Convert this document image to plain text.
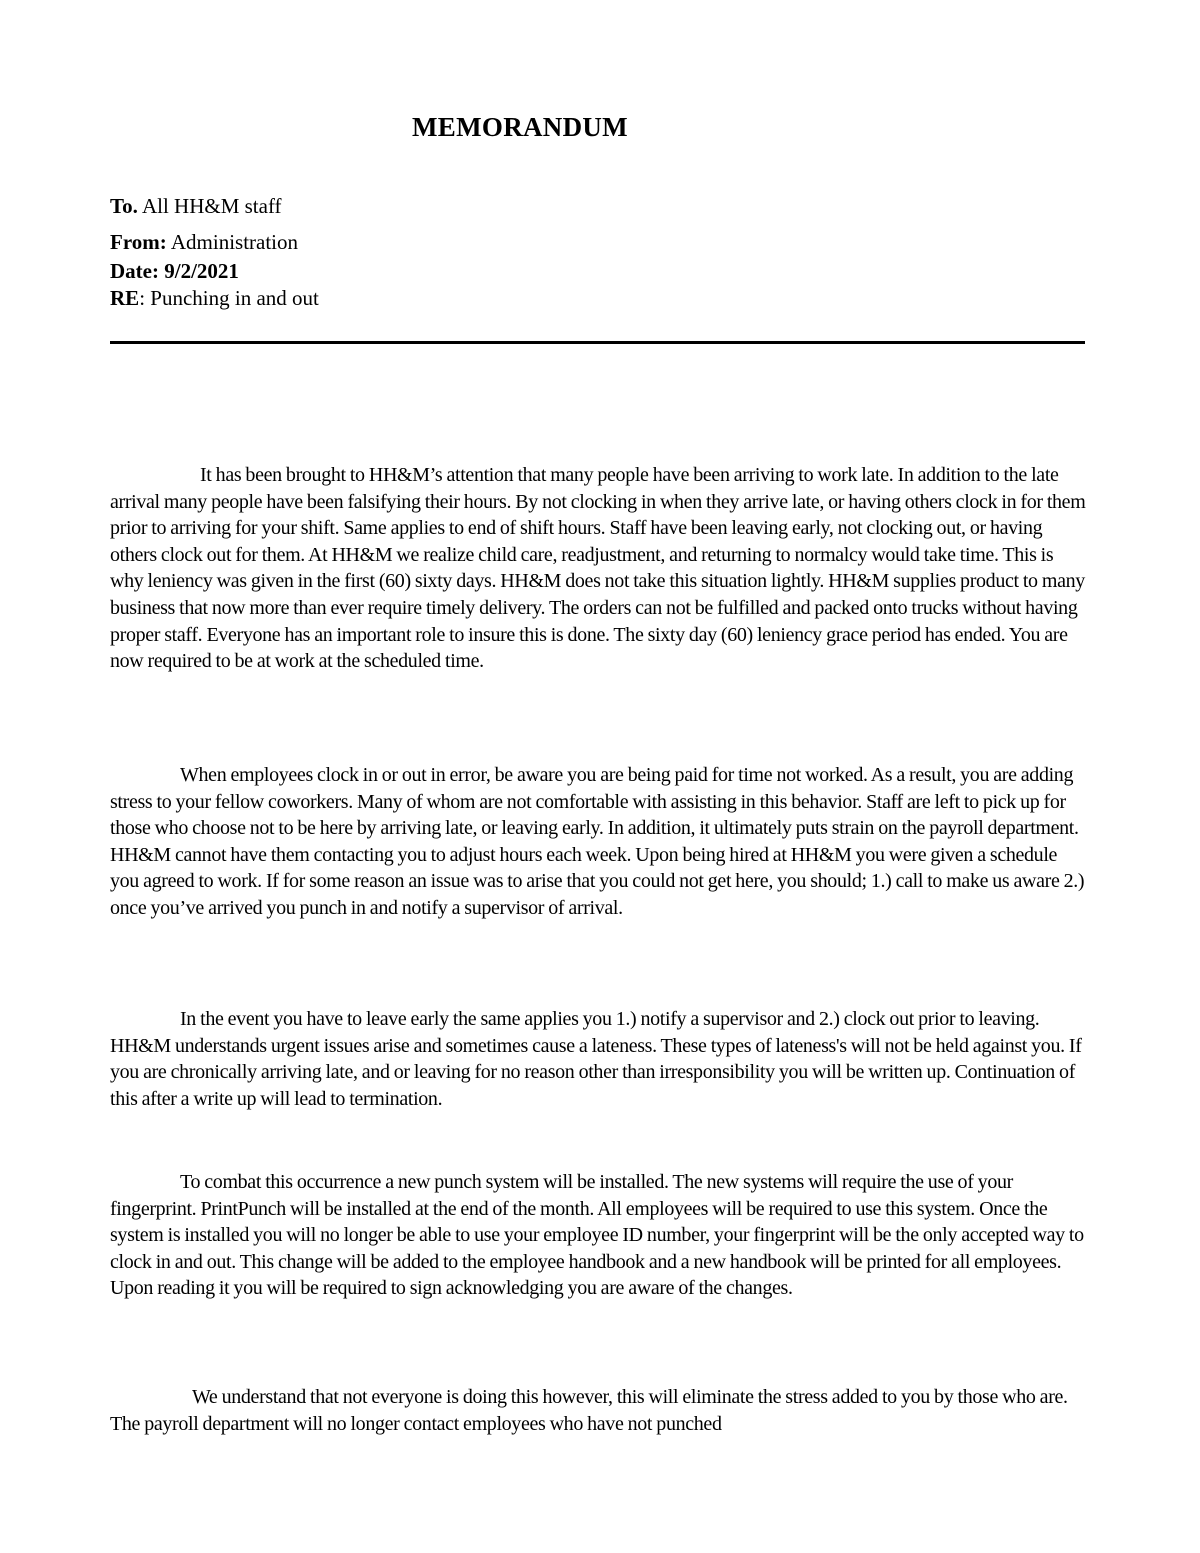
MEMORANDUM
To. All HH&M staff
From: Administration
Date: 9/2/2021
RE: Punching in and out

It has been brought to HH&M’s attention that many people have been arriving to work late. In addition to the late arrival many people have been falsifying their hours. By not clocking in when they arrive late, or having others clock in for them prior to arriving for your shift. Same applies to end of shift hours. Staff have been leaving early, not clocking out, or having others clock out for them. At HH&M we realize child care, readjustment, and returning to normalcy would take time. This is why leniency was given in the first (60) sixty days. HH&M does not take this situation lightly. HH&M supplies product to many business that now more than ever require timely delivery. The orders can not be fulfilled and packed onto trucks without having proper staff. Everyone has an important role to insure this is done. The sixty day (60) leniency grace period has ended. You are now required to be at work at the scheduled time.

When employees clock in or out in error, be aware you are being paid for time not worked. As a result, you are adding stress to your fellow coworkers. Many of whom are not comfortable with assisting in this behavior. Staff are left to pick up for those who choose not to be here by arriving late, or leaving early. In addition, it ultimately puts strain on the payroll department. HH&M cannot have them contacting you to adjust hours each week. Upon being hired at HH&M you were given a schedule you agreed to work. If for some reason an issue was to arise that you could not get here, you should; 1.) call to make us aware 2.) once you’ve arrived you punch in and notify a supervisor of arrival.

In the event you have to leave early the same applies you 1.) notify a supervisor and 2.) clock out prior to leaving. HH&M understands urgent issues arise and sometimes cause a lateness. These types of lateness's will not be held against you. If you are chronically arriving late, and or leaving for no reason other than irresponsibility you will be written up. Continuation of this after a write up will lead to termination.

To combat this occurrence a new punch system will be installed. The new systems will require the use of your fingerprint. PrintPunch will be installed at the end of the month. All employees will be required to use this system. Once the system is installed you will no longer be able to use your employee ID number, your fingerprint will be the only accepted way to clock in and out. This change will be added to the employee handbook and a new handbook will be printed for all employees. Upon reading it you will be required to sign acknowledging you are aware of the changes.

We understand that not everyone is doing this however, this will eliminate the stress added to you by those who are. The payroll department will no longer contact employees who have not punched
